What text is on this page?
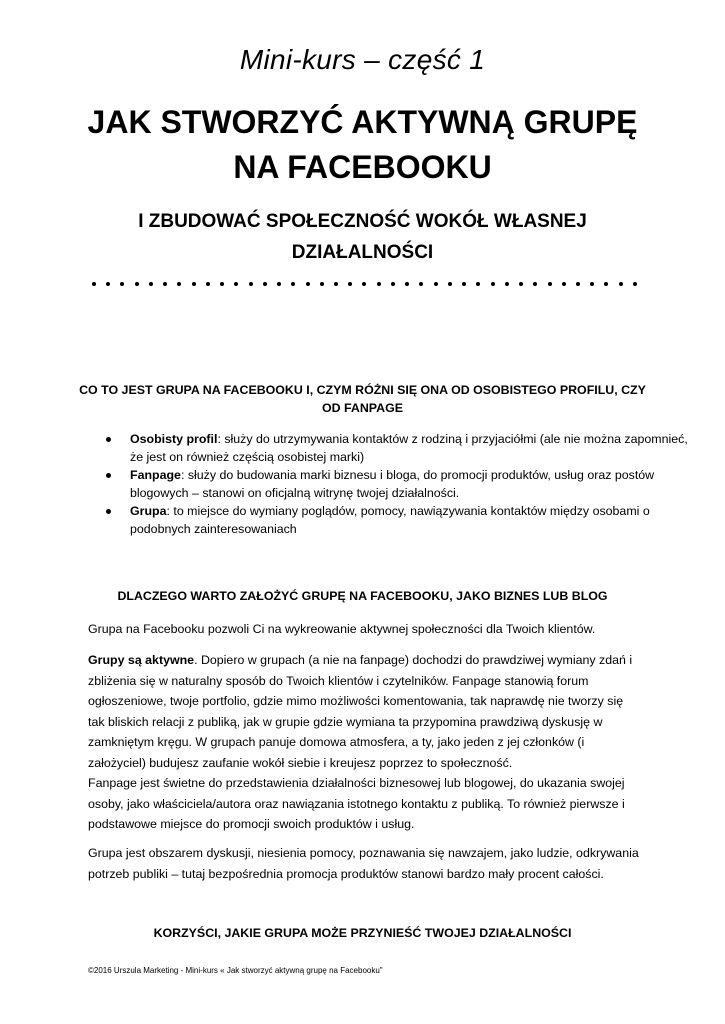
Mini-kurs – część 1
JAK STWORZYĆ AKTYWNĄ GRUPĘ
NA FACEBOOKU
I ZBUDOWAĆ SPOŁECZNOŚĆ WOKÓŁ WŁASNEJ
DZIAŁALNOŚCI
CO TO JEST GRUPA NA FACEBOOKU I, CZYM RÓŻNI SIĘ ONA OD OSOBISTEGO PROFILU, CZY
OD FANPAGE
Osobisty profil: służy do utrzymywania kontaktów z rodziną i przyjaciółmi (ale nie można zapomnieć, że jest on również częścią osobistej marki)
Fanpage: służy do budowania marki biznesu i bloga, do promocji produktów, usług oraz postów blogowych – stanowi on oficjalną witrynę twojej działalności.
Grupa: to miejsce do wymiany poglądów, pomocy, nawiązywania kontaktów między osobami o podobnych zainteresowaniach
DLACZEGO WARTO ZAŁOŻYĆ GRUPĘ NA FACEBOOKU, JAKO BIZNES LUB BLOG

Grupa na Facebooku pozwoli Ci na wykreowanie aktywnej społeczności dla Twoich klientów.

Grupy są aktywne. Dopiero w grupach (a nie na fanpage) dochodzi do prawdziwej wymiany zdań i zbliżenia się w naturalny sposób do Twoich klientów i czytelników. Fanpage stanowią forum ogłoszeniowe, twoje portfolio, gdzie mimo możliwości komentowania, tak naprawdę nie tworzy się tak bliskich relacji z publiką, jak w grupie gdzie wymiana ta przypomina prawdziwą dyskusję w zamkniętym kręgu. W grupach panuje domowa atmosfera, a ty, jako jeden z jej członków (i założyciel) budujesz zaufanie wokół siebie i kreujesz poprzez to społeczność.

Fanpage jest świetne do przedstawienia działalności biznesowej lub blogowej, do ukazania swojej osoby, jako właściciela/autora oraz nawiązania istotnego kontaktu z publiką. To również pierwsze i podstawowe miejsce do promocji swoich produktów i usług.

Grupa jest obszarem dyskusji, niesienia pomocy, poznawania się nawzajem, jako ludzie, odkrywania potrzeb publiki – tutaj bezpośrednia promocja produktów stanowi bardzo mały procent całości.

KORZYŚCI, JAKIE GRUPA MOŻE PRZYNIEŚĆ TWOJEJ DZIAŁALNOŚCI
©2016 Urszula Marketing - Mini-kurs « Jak stworzyć aktywną grupę na Facebooku"
